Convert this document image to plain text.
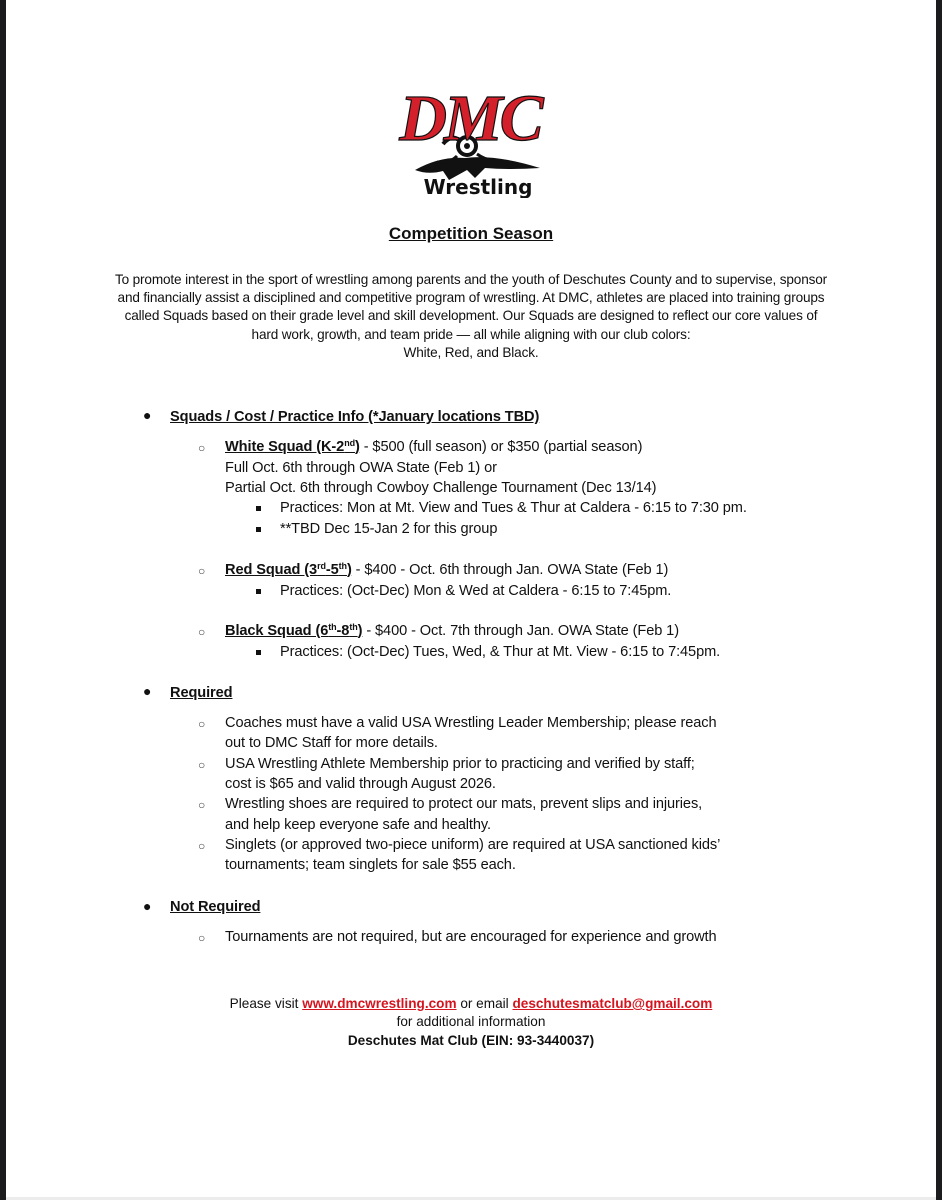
DMC
Wrestling
Competition Season
To promote interest in the sport of wrestling among parents and the youth of Deschutes County and to supervise, sponsor and financially assist a disciplined and competitive program of wrestling. At DMC, athletes are placed into training groups called Squads based on their grade level and skill development. Our Squads are designed to reflect our core values of hard work, growth, and team pride — all while aligning with our club colors:
White, Red, and Black.
● Squads / Cost / Practice Info (*January locations TBD)
○ White Squad (K-2nd) - $500 (full season) or $350 (partial season)
Full Oct. 6th through OWA State (Feb 1) or
Partial Oct. 6th through Cowboy Challenge Tournament (Dec 13/14)
Practices: Mon at Mt. View and Tues & Thur at Caldera - 6:15 to 7:30 pm.
**TBD Dec 15-Jan 2 for this group
○ Red Squad (3rd-5th) - $400 - Oct. 6th through Jan. OWA State (Feb 1)
Practices: (Oct-Dec) Mon & Wed at Caldera - 6:15 to 7:45pm.
○ Black Squad (6th-8th) - $400 - Oct. 7th through Jan. OWA State (Feb 1)
Practices: (Oct-Dec) Tues, Wed, & Thur at Mt. View - 6:15 to 7:45pm.
● Required
○ Coaches must have a valid USA Wrestling Leader Membership; please reach
out to DMC Staff for more details.
○ USA Wrestling Athlete Membership prior to practicing and verified by staff;
cost is $65 and valid through August 2026.
○ Wrestling shoes are required to protect our mats, prevent slips and injuries,
and help keep everyone safe and healthy.
○ Singlets (or approved two-piece uniform) are required at USA sanctioned kids’
tournaments; team singlets for sale $55 each.
● Not Required
○ Tournaments are not required, but are encouraged for experience and growth
Please visit www.dmcwrestling.com or email deschutesmatclub@gmail.com
for additional information
Deschutes Mat Club (EIN: 93-3440037)
